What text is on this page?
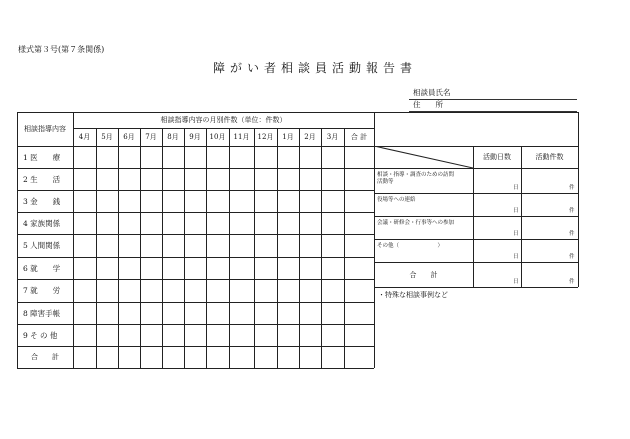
様式第３号(第７条関係)
障がい者相談員活動報告書
相談員氏名
住　　所
相談指導内容
相談指導内容の月別件数（単位：件数）
4月	5月	6月	7月	8月	9月	10月	11月	12月	1月	2月	3月	合 計
1 医　　療
2 生　　活
3 金　　銭
4 家族関係
5 人間関係
6 就　　学
7 就　　労
8 障害手帳
9 そ の 他
合　　計
活動日数	活動件数
相談・指導・調査のための訪問活動等
日	件
役場等への連絡
日	件
会議・研修会・行事等への参加
日	件
その他（　　　　　　　）
日	件
合　　計
日	件
・特殊な相談事例など
